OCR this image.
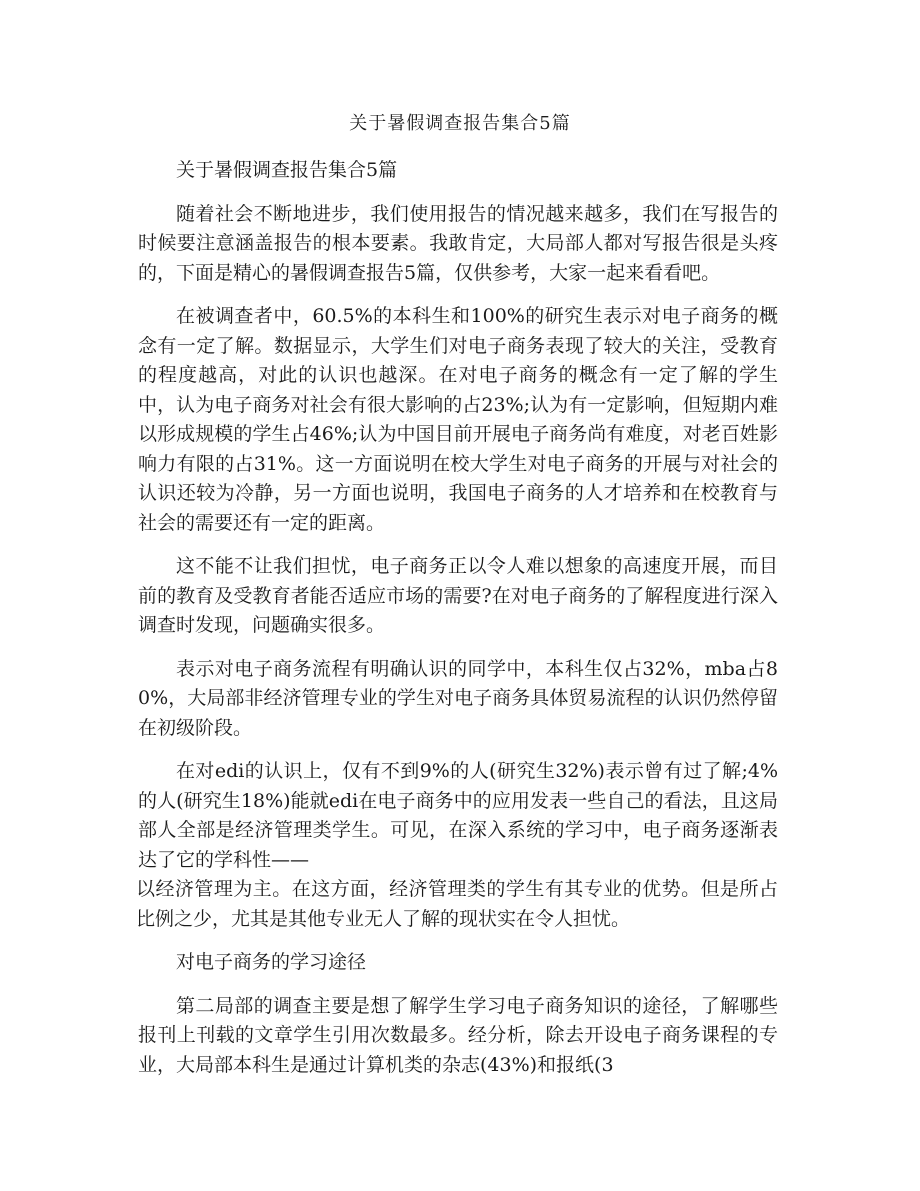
关于暑假调查报告集合5篇
关于暑假调查报告集合5篇

随着社会不断地进步，我们使用报告的情况越来越多，我们在写报告的时候要注意涵盖报告的根本要素。我敢肯定，大局部人都对写报告很是头疼的，下面是精心的暑假调查报告5篇，仅供参考，大家一起来看看吧。

在被调查者中，60.5%的本科生和100%的研究生表示对电子商务的概念有一定了解。数据显示，大学生们对电子商务表现了较大的关注，受教育的程度越高，对此的认识也越深。在对电子商务的概念有一定了解的学生中，认为电子商务对社会有很大影响的占23%;认为有一定影响，但短期内难以形成规模的学生占46%;认为中国目前开展电子商务尚有难度，对老百姓影响力有限的占31%。这一方面说明在校大学生对电子商务的开展与对社会的认识还较为冷静，另一方面也说明，我国电子商务的人才培养和在校教育与社会的需要还有一定的距离。

这不能不让我们担忧，电子商务正以令人难以想象的高速度开展，而目前的教育及受教育者能否适应市场的需要?在对电子商务的了解程度进行深入调查时发现，问题确实很多。

表示对电子商务流程有明确认识的同学中，本科生仅占32%，mba占80%，大局部非经济管理专业的学生对电子商务具体贸易流程的认识仍然停留在初级阶段。

在对edi的认识上，仅有不到9%的人(研究生32%)表示曾有过了解;4%的人(研究生18%)能就edi在电子商务中的应用发表一些自己的看法，且这局部人全部是经济管理类学生。可见，在深入系统的学习中，电子商务逐渐表达了它的学科性——

以经济管理为主。在这方面，经济管理类的学生有其专业的优势。但是所占比例之少，尤其是其他专业无人了解的现状实在令人担忧。

对电子商务的学习途径

第二局部的调查主要是想了解学生学习电子商务知识的途径，了解哪些报刊上刊载的文章学生引用次数最多。经分析，除去开设电子商务课程的专业，大局部本科生是通过计算机类的杂志(43%)和报纸(3
